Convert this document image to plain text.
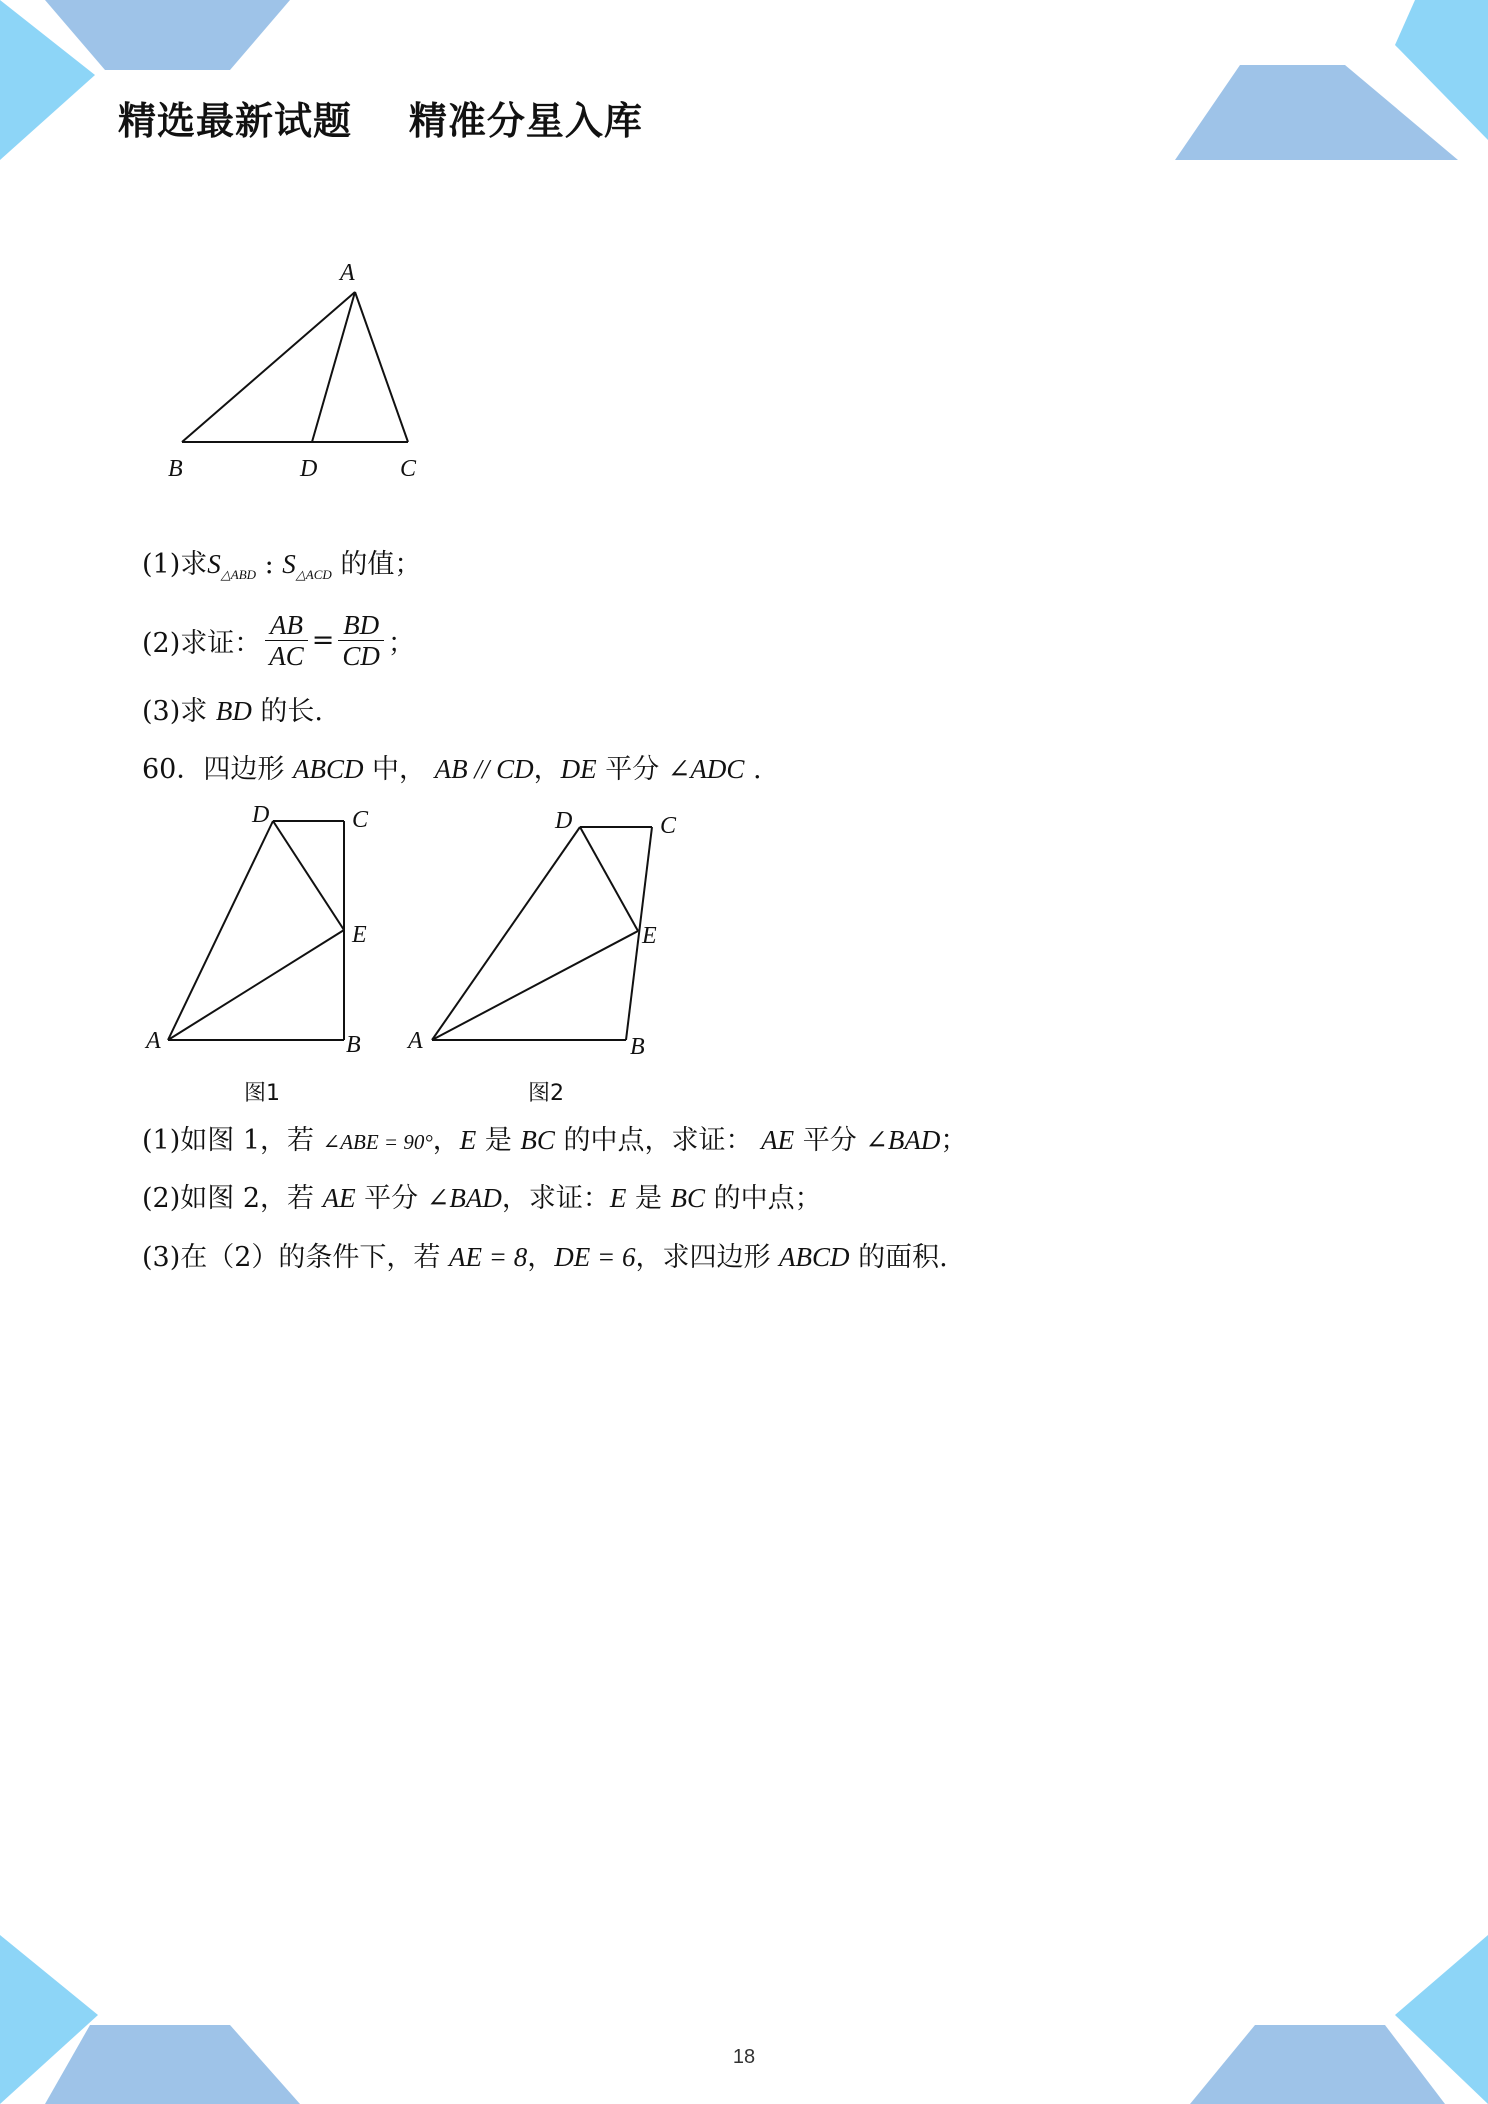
精选最新试题    精准分星入库
A
B	D	C
(1)求$S_{\triangle ABD}$ : $S_{\triangle ACD}$ 的值；
(2)求证： $\frac{AB}{AC} = \frac{BD}{CD}$ ；
(3)求 BD 的长.
60．四边形 ABCD 中， AB // CD，DE 平分 ∠ADC .
D	C
E
A	B
图1
D	C
E
A	B
图2
(1)如图 1，若 ∠ABE = 90°，E 是 BC 的中点，求证： AE 平分 ∠BAD；
(2)如图 2，若 AE 平分 ∠BAD，求证：E 是 BC 的中点；
(3)在（2）的条件下，若 AE = 8，DE = 6，求四边形 ABCD 的面积.
18
